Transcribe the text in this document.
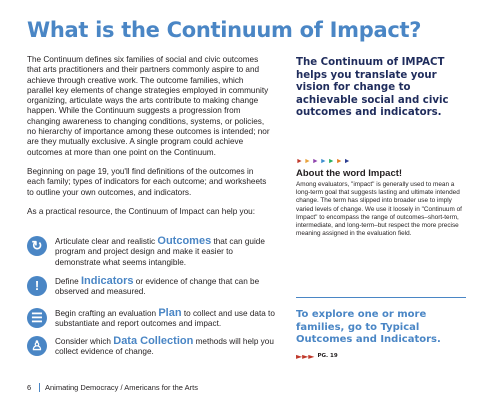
What is the Continuum of Impact?

The Continuum defines six families of social and civic outcomes that arts practitioners and their partners commonly aspire to and achieve through creative work. The outcome families, which parallel key elements of change strategies employed in community organizing, articulate ways the arts contribute to making change happen. While the Continuum suggests a progression from changing awareness to changing conditions, systems, or policies, no hierarchy of importance among these outcomes is intended; nor are they mutually exclusive. A single program could achieve outcomes at more than one point on the Continuum.

Beginning on page 19, you'll find definitions of the outcomes in each family; types of indicators for each outcome; and worksheets to outline your own outcomes, and indicators.

As a practical resource, the Continuum of Impact can help you:

↻	Articulate clear and realistic Outcomes that can guide program and project design and make it easier to demonstrate what seems intangible.
!	Define Indicators or evidence of change that can be observed and measured.
☰	Begin crafting an evaluation Plan to collect and use data to substantiate and report outcomes and impact.
♙	Consider which Data Collection methods will help you collect evidence of change.
The Continuum of IMPACT helps you translate your vision for change to achievable social and civic outcomes and indicators.
►►►►►►►
About the word Impact!
Among evaluators, "impact" is generally used to mean a long-term goal that suggests lasting and ultimate intended change. The term has slipped into broader use to imply varied levels of change. We use it loosely in "Continuum of Impact" to encompass the range of outcomes–short-term, intermediate, and long-term–but respect the more precise meaning assigned in the evaluation field.
To explore one or more families, go to Typical Outcomes and Indicators.
►►► PG. 19
6 Animating Democracy / Americans for the Arts
